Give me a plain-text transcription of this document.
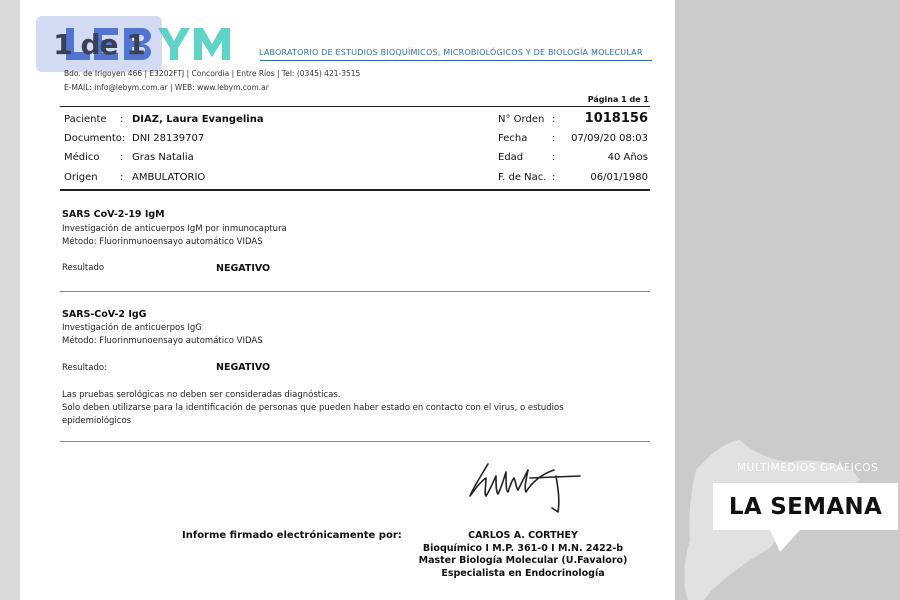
1 de 1	LABORATORIO DE ESTUDIOS BIOQUÍMICOS, MICROBIOLÓGICOS Y DE BIOLOGÍA MOLECULAR
Bdo. de Irigoyen 466 | E3202FTJ | Concordia | Entre Ríos | Tel: (0345) 421-3515
E-MAIL: info@lebym.com.ar | WEB: www.lebym.com.ar
Página 1 de 1
Paciente : DIAZ, Laura Evangelina
Documento: DNI 28139707
Médico : Gras Natalia
Origen : AMBULATORIO
N° Orden : 1018156
Fecha : 07/09/20 08:03
Edad	:	40 Años
F. de Nac. :	06/01/1980
SARS CoV-2-19 IgM
Investigación de anticuerpos IgM por inmunocaptura
Método: Fluorinmunoensayo automático VIDAS
Resultado	NEGATIVO
SARS-CoV-2 IgG
Investigación de anticuerpos IgG
Método: Fluorinmunoensayo automático VIDAS
Resultado:	NEGATIVO
Las pruebas serológicas no deben ser consideradas diagnósticas.
Solo deben utilizarse para la identificación de personas que pueden haber estado en contacto con el virus, o estudios
epidemiológicos
Informe firmado electrónicamente por:	CARLOS A. CORTHEY
Bioquímico I M.P. 361-0 I M.N. 2422-b
Master Biología Molecular (U.Favaloro)
Especialista en Endocrinología
MULTIMEDIOS GRÁFICOS
LA SEMANA
